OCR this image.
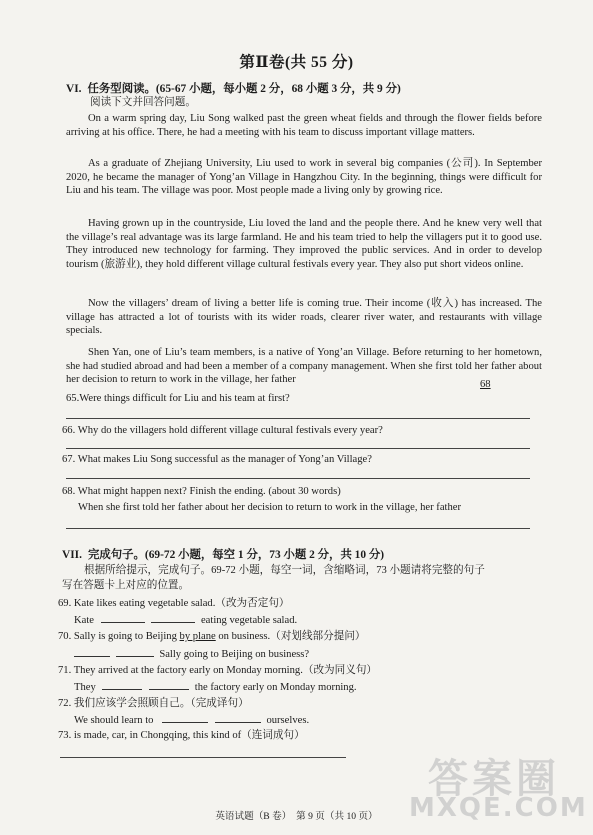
第Ⅱ卷(共 55 分)
VI. 任务型阅读。(65-67 小题，每小题 2 分，68 小题 3 分，共 9 分)
阅读下文并回答问题。

On a warm spring day, Liu Song walked past the green wheat fields and through the flower fields before arriving at his office. There, he had a meeting with his team to discuss important village matters.

As a graduate of Zhejiang University, Liu used to work in several big companies (公司). In September 2020, he became the manager of Yong’an Village in Hangzhou City. In the beginning, things were difficult for Liu and his team. The village was poor. Most people made a living only by growing rice.

Having grown up in the countryside, Liu loved the land and the people there. And he knew very well that the village’s real advantage was its large farmland. He and his team tried to help the villagers put it to good use. They introduced new technology for farming. They improved the public services. And in order to develop tourism (旅游业), they hold different village cultural festivals every year. They also put short videos online.

Now the villagers’ dream of living a better life is coming true. Their income (收入) has increased. The village has attracted a lot of tourists with its wider roads, clearer river water, and restaurants with village specials.

Shen Yan, one of Liu’s team members, is a native of Yong’an Village. Before returning to her hometown, she had studied abroad and had been a member of a company management. When she first told her father about her decision to return to work in the village, her father	68
65.Were things difficult for Liu and his team at first?
66. Why do the villagers hold different village cultural festivals every year?
67. What makes Liu Song successful as the manager of Yong’an Village?
68. What might happen next? Finish the ending. (about 30 words)
When she first told her father about her decision to return to work in the village, her father
VII. 完成句子。(69-72 小题，每空 1 分，73 小题 2 分，共 10 分)
根据所给提示，完成句子。69-72 小题，每空一词，含缩略词，73 小题请将完整的句子
写在答题卡上对应的位置。
69. Kate likes eating vegetable salad.（改为否定句）
Kate	eating vegetable salad.
70. Sally is going to Beijing by plane on business.（对划线部分提问）
Sally going to Beijing on business?
71. They arrived at the factory early on Monday morning.（改为同义句）
They	the factory early on Monday morning.
72. 我们应该学会照顾自己。（完成译句）
We should learn to	ourselves.
73. is made, car, in Chongqing, this kind of（连词成句）
英语试题（B 卷）　第 9 页（共 10 页）
答案圈
MXQE.COM
